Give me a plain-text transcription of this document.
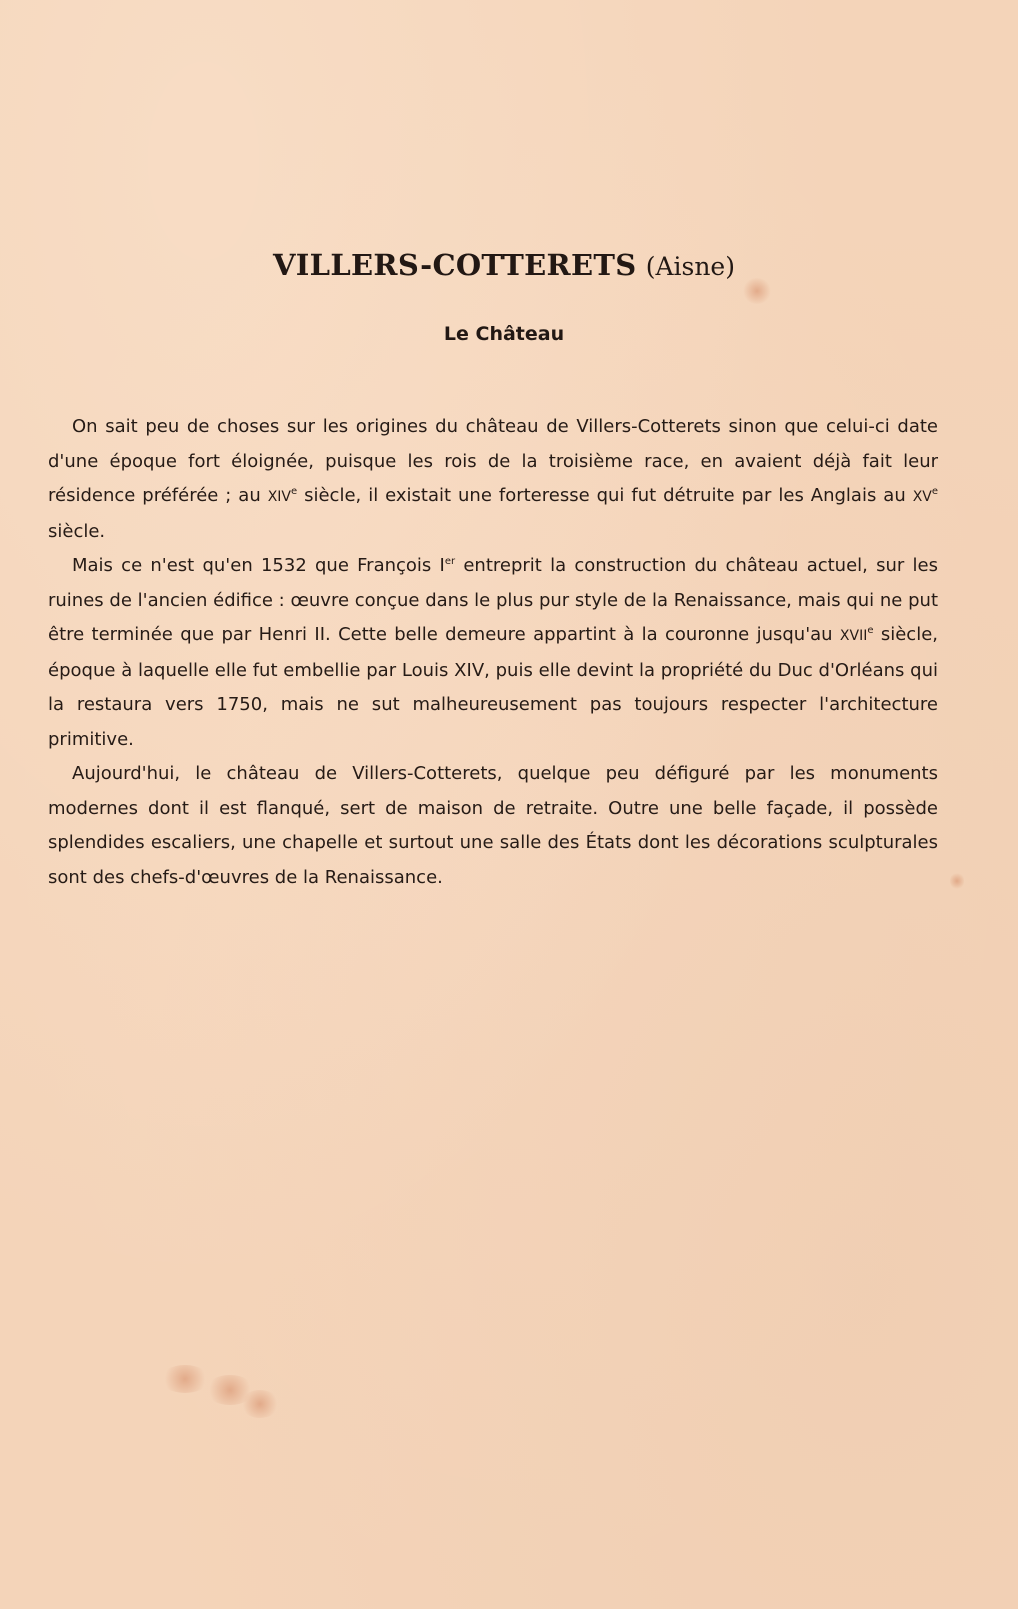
VILLERS-COTTERETS (Aisne)
Le Château

On sait peu de choses sur les origines du château de Villers-Cotterets sinon que celui-ci date d'une époque fort éloignée, puisque les rois de la troisième race, en avaient déjà fait leur résidence préférée ; au XIVe siècle, il existait une forteresse qui fut détruite par les Anglais au XVe siècle.

Mais ce n'est qu'en 1532 que François Ier entreprit la construction du château actuel, sur les ruines de l'ancien édifice : œuvre conçue dans le plus pur style de la Renaissance, mais qui ne put être terminée que par Henri II. Cette belle demeure appartint à la couronne jusqu'au XVIIe siècle, époque à laquelle elle fut embellie par Louis XIV, puis elle devint la propriété du Duc d'Orléans qui la restaura vers 1750, mais ne sut malheureusement pas toujours respecter l'architecture primitive.

Aujourd'hui, le château de Villers-Cotterets, quelque peu défiguré par les monuments modernes dont il est flanqué, sert de maison de retraite. Outre une belle façade, il possède splendides escaliers, une chapelle et surtout une salle des États dont les décorations sculpturales sont des chefs-d'œuvres de la Renaissance.
